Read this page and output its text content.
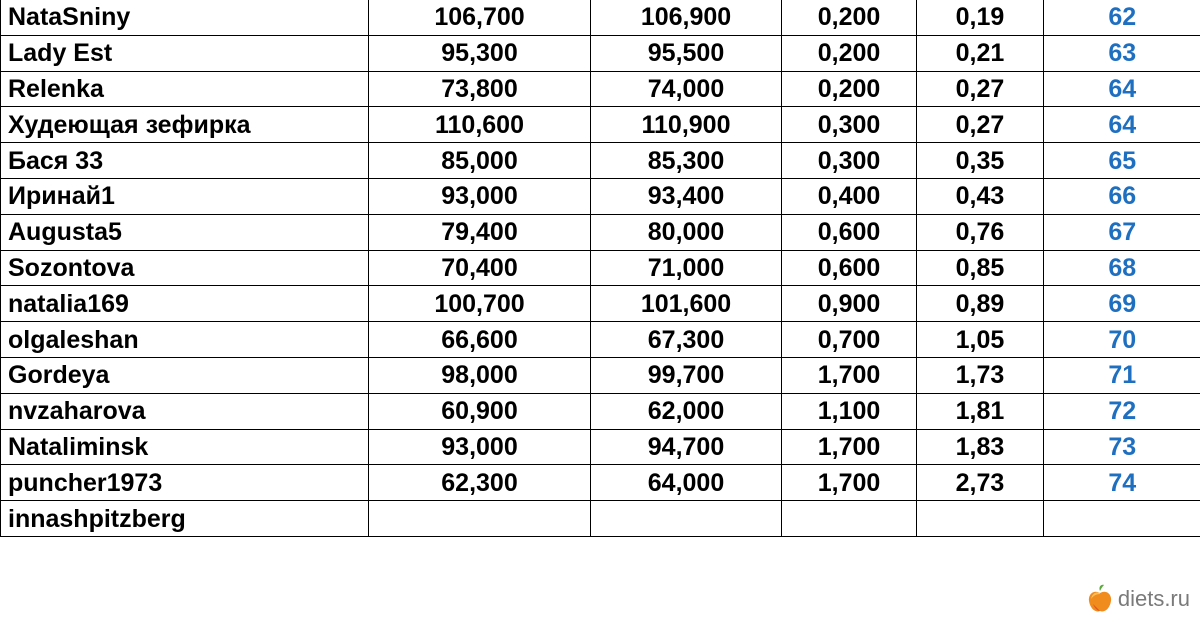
NataSniny	106,700	106,900	0,200	0,19	62
Lady Est	95,300	95,500	0,200	0,21	63
Relenka	73,800	74,000	0,200	0,27	64
Худеющая зефирка	110,600	110,900	0,300	0,27	64
Бася 33	85,000	85,300	0,300	0,35	65
Иринай1	93,000	93,400	0,400	0,43	66
Augusta5	79,400	80,000	0,600	0,76	67
Sozontova	70,400	71,000	0,600	0,85	68
natalia169	100,700	101,600	0,900	0,89	69
olgaleshan	66,600	67,300	0,700	1,05	70
Gordeya	98,000	99,700	1,700	1,73	71
nvzaharova	60,900	62,000	1,100	1,81	72
Nataliminsk	93,000	94,700	1,700	1,83	73
puncher1973	62,300	64,000	1,700	2,73	74
innashpitzberg					
diets.ru
